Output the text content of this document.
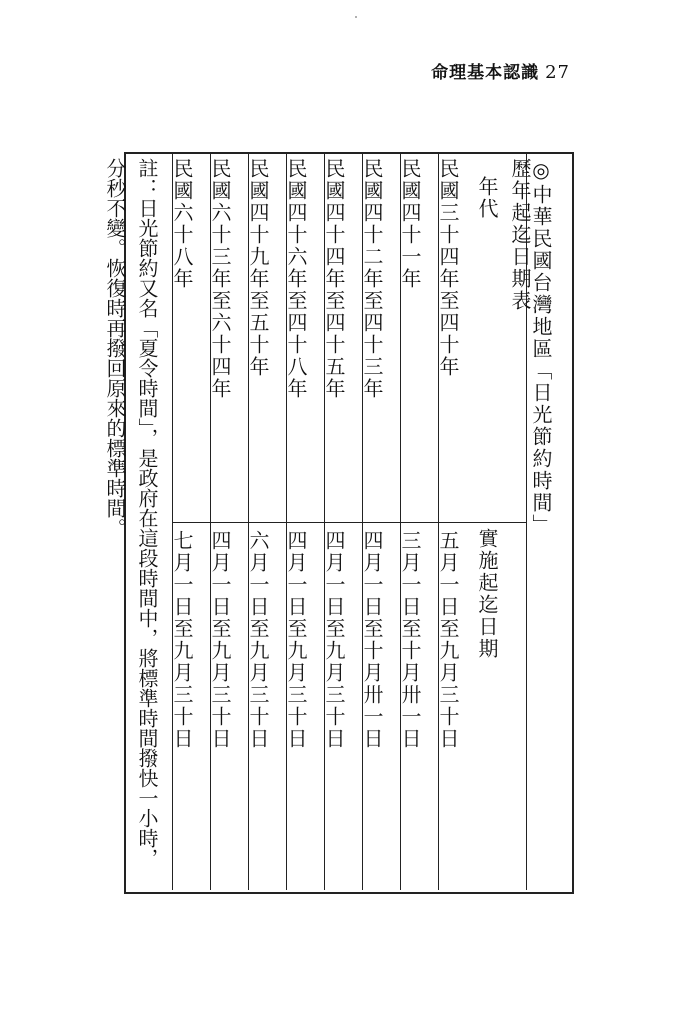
命理基本認識 27
◎中華民國台灣地區「日光節約時間」
歷年起迄日期表
年代
實施起迄日期
民國三十四年至四十年
五月一日至九月三十日
民國四十一年
三月一日至十月卅一日
民國四十二年至四十三年
四月一日至十月卅一日
民國四十四年至四十五年
四月一日至九月三十日
民國四十六年至四十八年
四月一日至九月三十日
民國四十九年至五十年
六月一日至九月三十日
民國六十三年至六十四年
四月一日至九月三十日
民國六十八年
七月一日至九月三十日
註：日光節約又名「夏令時間」，是政府在這段時間中，將標準時間撥快一小時，
分秒不變。恢復時再撥回原來的標準時間。
